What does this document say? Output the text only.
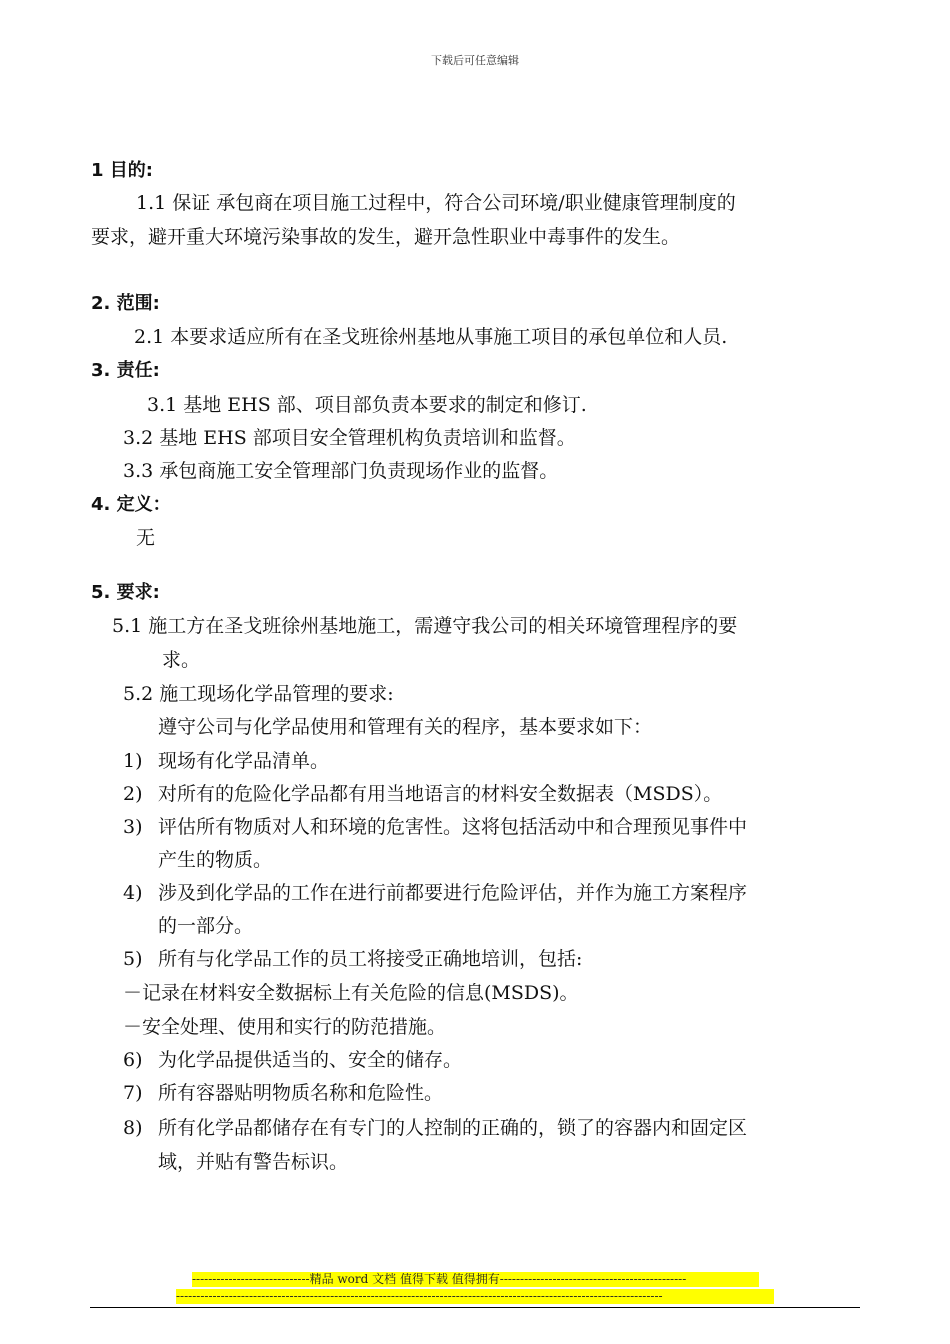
下载后可任意编辑
1 目的:
1.1 保证 承包商在项目施工过程中，符合公司环境/职业健康管理制度的
要求，避开重大环境污染事故的发生，避开急性职业中毒事件的发生。
2. 范围:
2.1 本要求适应所有在圣戈班徐州基地从事施工项目的承包单位和人员.
3. 责任:
3.1 基地 EHS 部、项目部负责本要求的制定和修订.
3.2 基地 EHS 部项目安全管理机构负责培训和监督。
3.3 承包商施工安全管理部门负责现场作业的监督。
4. 定义：
无
5. 要求:
5.1 施工方在圣戈班徐州基地施工，需遵守我公司的相关环境管理程序的要
求。
5.2 施工现场化学品管理的要求:
遵守公司与化学品使用和管理有关的程序，基本要求如下：
1) 现场有化学品清单。
2) 对所有的危险化学品都有用当地语言的材料安全数据表（MSDS）。
3) 评估所有物质对人和环境的危害性。这将包括活动中和合理预见事件中
产生的物质。
4) 涉及到化学品的工作在进行前都要进行危险评估，并作为施工方案程序
的一部分。
5) 所有与化学品工作的员工将接受正确地培训，包括:
－记录在材料安全数据标上有关危险的信息(MSDS)。
－安全处理、使用和实行的防范措施。
6) 为化学品提供适当的、安全的储存。
7) 所有容器贴明物质名称和危险性。
8) 所有化学品都储存在有专门的人控制的正确的，锁了的容器内和固定区
域，并贴有警告标识。
-----------------------------精品 word 文档 值得下载 值得拥有----------------------------------------------
------------------------------------------------------------------------------------------------------------------------
